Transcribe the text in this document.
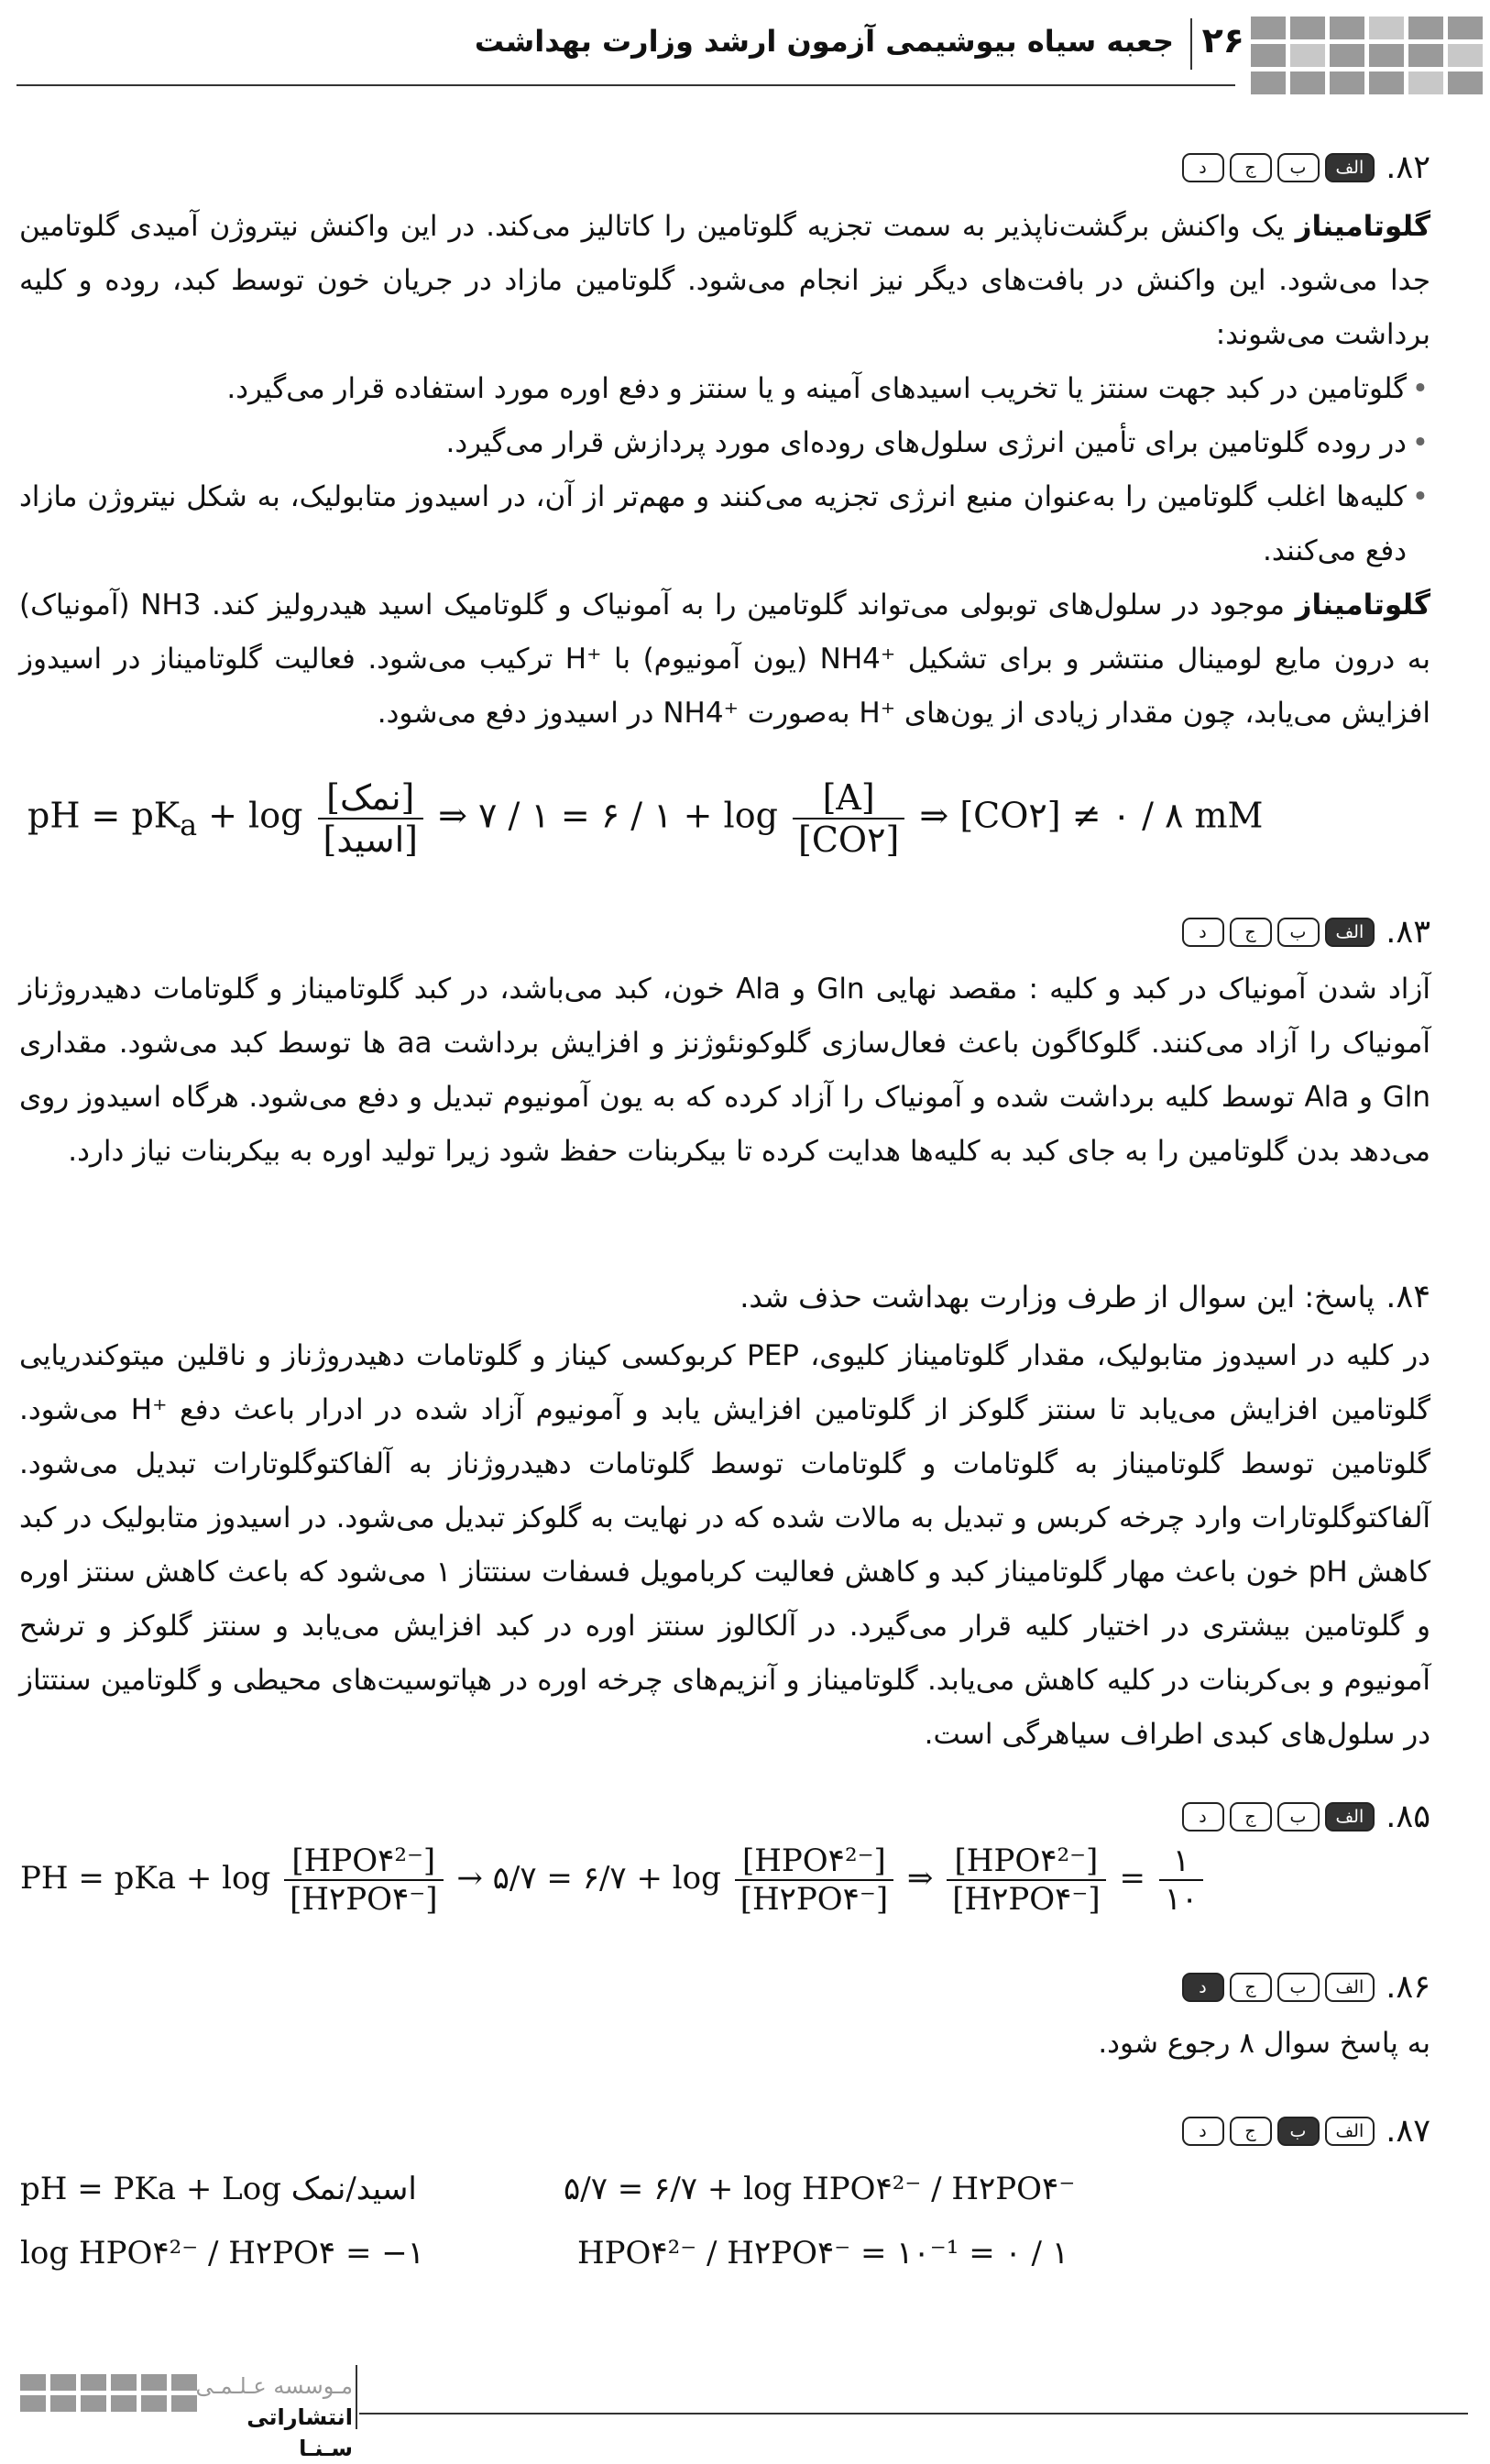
جعبه سیاه بیوشیمی آزمون ارشد وزارت بهداشت ۲۶
۸۲.
الف
ب
ج
د
گلوتامیناز یک واکنش برگشت‌ناپذیر به سمت تجزیه گلوتامین را کاتالیز می‌کند. در این واکنش نیتروژن آمیدی گلوتامین جدا می‌شود. این واکنش در بافت‌های دیگر نیز انجام می‌شود. گلوتامین مازاد در جریان خون توسط کبد، روده و کلیه برداشت می‌شوند:
• گلوتامین در کبد جهت سنتز یا تخریب اسیدهای آمینه و یا سنتز و دفع اوره مورد استفاده قرار می‌گیرد.
• در روده گلوتامین برای تأمین انرژی سلول‌های روده‌ای مورد پردازش قرار می‌گیرد.
• کلیه‌ها اغلب گلوتامین را به‌عنوان منبع انرژی تجزیه می‌کنند و مهم‌تر از آن، در اسیدوز متابولیک، به شکل نیتروژن مازاد دفع می‌کنند.
گلوتامیناز موجود در سلول‌های توبولی می‌تواند گلوتامین را به آمونیاک و گلوتامیک اسید هیدرولیز کند. NH3 (آمونیاک) به درون مایع لومینال منتشر و برای تشکیل ⁺NH4 (یون آمونیوم) با ⁺H ترکیب می‌شود. فعالیت گلوتامیناز در اسیدوز افزایش می‌یابد، چون مقدار زیادی از یون‌های ⁺H به‌صورت ⁺NH4 در اسیدوز دفع می‌شود.
pH = $pK_a + \log \frac{\text{[نمک]}}{\text{[اسید]}}$ ⇒ ۷ / ۱ = ۶ / ۱ + $\log \frac{[A]}{[CO۲]}$ ⇒ [CO۲] ≠ ۰ / ۸ mM
۸۳.
الف
ب
ج
د
آزاد شدن آمونیاک در کبد و کلیه : مقصد نهایی Gln و Ala خون، کبد می‌باشد، در کبد گلوتامیناز و گلوتامات دهیدروژناز آمونیاک را آزاد می‌کنند. گلوکاگون باعث فعال‌سازی گلوکونئوژنز و افزایش برداشت aa ها توسط کبد می‌شود. مقداری Gln و Ala توسط کلیه برداشت شده و آمونیاک را آزاد کرده که به یون آمونیوم تبدیل و دفع می‌شود. هرگاه اسیدوز روی می‌دهد بدن گلوتامین را به جای کبد به کلیه‌ها هدایت کرده تا بیکربنات حفظ شود زیرا تولید اوره به بیکربنات نیاز دارد.
۸۴.
پاسخ: این سوال از طرف وزارت بهداشت حذف شد.
در کلیه در اسیدوز متابولیک، مقدار گلوتامیناز کلیوی، PEP کربوکسی کیناز و گلوتامات دهیدروژناز و ناقلین میتوکندریایی گلوتامین افزایش می‌یابد تا سنتز گلوکز از گلوتامین افزایش یابد و آمونیوم آزاد شده در ادرار باعث دفع ⁺H می‌شود. گلوتامین توسط گلوتامیناز به گلوتامات و گلوتامات توسط گلوتامات دهیدروژناز به آلفاکتوگلوتارات تبدیل می‌شود. آلفاکتوگلوتارات وارد چرخه کربس و تبدیل به مالات شده که در نهایت به گلوکز تبدیل می‌شود. در اسیدوز متابولیک در کبد کاهش pH خون باعث مهار گلوتامیناز کبد و کاهش فعالیت کربامویل فسفات سنتتاز ۱ می‌شود که باعث کاهش سنتز اوره و گلوتامین بیشتری در اختیار کلیه قرار می‌گیرد. در آلکالوز سنتز اوره در کبد افزایش می‌یابد و سنتز گلوکز و ترشح آمونیوم و بی‌کربنات در کلیه کاهش می‌یابد. گلوتامیناز و آنزیم‌های چرخه اوره در هپاتوسیت‌های محیطی و گلوتامین سنتتاز در سلول‌های کبدی اطراف سیاهرگی است.
۸۵.
الف
ب
ج
د
PH = pKa + $\log \frac{\text{[HPO۴²⁻]}}{[H۲PO۴^-]}$ → ۵/۷ = ۶/۷ + $\log \frac{\text{[HPO۴²⁻]}}{[H۲PO۴^-]}$ ⇒ $\frac{\text{[HPO۴²⁻]}}{[H۲PO۴^-]} = \frac{۱}{۱۰}$
۸۶.
الف
ب
ج
د
به پاسخ سوال ۸ رجوع شود.
۸۷.
الف
ب
ج
د
pH = PKa + Log اسید/نمک
log HPO۴²⁻ / H۲PO۴ = −۱
۵/۷ = ۶/۷ + log HPO۴²⁻ / H۲PO۴⁻
HPO۴²⁻ / H۲PO۴⁻ = ۱۰⁻¹ = ۰ / ۱
مـوسسه عـلـمـی
انتشاراتی سـنـا
